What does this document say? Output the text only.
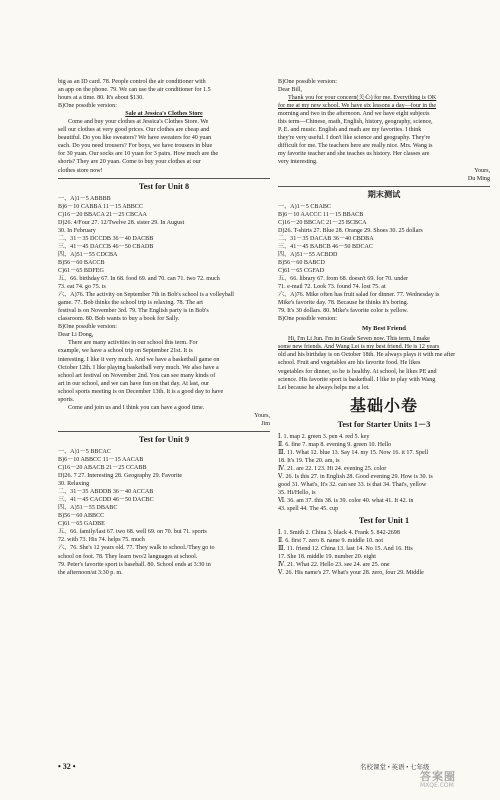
big as an ID card. 78. People control the air conditioner with
an app on the phone. 79. We can use the air conditioner for 1.5
hours at a time. 80. It's about $130.
B)One possible version:
Sale at Jessica's Clothes Store
Come and buy your clothes at Jessica's Clothes Store. We
sell our clothes at very good prices. Our clothes are cheap and
beautiful. Do you like sweaters? We have sweaters for 40 yuan
each. Do you need trousers? For boys, we have trousers in blue
for 30 yuan. Our socks are 10 yuan for 3 pairs. How much are the
shorts? They are 20 yuan. Come to buy your clothes at our
clothes store now!
Test for Unit 8
一、A)1－5 ABBBB
B)6－10 CABBA 11－15 ABBCC
C)16－20 BBACA 21－25 CBCAA
D)26. 4/Four 27. 12/Twelve 28. sister 29. In August
30. In February
二、31－35 DCCDB 36－40 DACBB
三、41－45 DACCB 46－50 CBADB
四、A)51－55 CDCBA
B)56－60 BACCB
C)61－65 BDFEG
五、66. birthday 67. In 68. food 69. and 70. can 71. two 72. much
73. eat 74. go 75. is
六、A)76. The activity on September 7th in Bob's school is a volleyball
game. 77. Bob thinks the school trip is relaxing. 78. The art
festival is on November 3rd. 79. The English party is in Bob's
classroom. 80. Bob wants to buy a book for Sally.
B)One possible version:
Dear Li Dong,
There are many activities in our school this term. For
example, we have a school trip on September 21st. It is
interesting. I like it very much. And we have a basketball game on
October 12th. I like playing basketball very much. We also have a
school art festival on November 2nd. You can see many kinds of
art in our school, and we can have fun on that day. At last, our
school sports meeting is on December 13th. It is a good day to have
sports.
Come and join us and I think you can have a good time.
Yours,
Jim
Test for Unit 9
一、A)1－5 BBCAC
B)6－10 ABBCC 11－15 AACAB
C)16－20 ABACB 21－25 CCABB
D)26. 7 27. Interesting 28. Geography 29. Favorite
30. Relaxing
二、31－35 ABDDB 36－40 ACCAB
三、41－45 CACDD 46－50 DACBC
四、A)51－55 DBABC
B)56－60 ABBCC
C)61－65 GADBE
五、66. family/last 67. two 68. well 69. on 70. but 71. sports
72. with 73. His 74. helps 75. much
六、76. She's 12 years old. 77. They walk to school./They go to
school on foot. 78. They learn two/2 languages at school.
79. Peter's favorite sport is baseball. 80. School ends at 3:30 in
the afternoon/at 3:30 p. m.
B)One possible version:
Dear Bill,
Thank you for your concern(关心) for me. Everything is OK
for me at my new school. We have six lessons a day—four in the
morning and two in the afternoon. And we have eight subjects
this term—Chinese, math, English, history, geography, science,
P. E. and music. English and math are my favorites. I think
they're very useful. I don't like science and geography. They're
difficult for me. The teachers here are really nice. Mrs. Wang is
my favorite teacher and she teaches us history. Her classes are
very interesting.
Yours,
Du Ming
期末测试
一、A)1－5 CBABC
B)6－10 AACCC 11－15 BBACB
C)16－20 BBCAC 21－25 BCBCA
D)26. T-shirts 27. Blue 28. Orange 29. Shoes 30. 25 dollars
二、31－35 DACAB 36－40 CBDBA
三、41－45 BABCB 46－50 BDCAC
四、A)51－55 ACBDD
B)56－60 BABCD
C)61－65 CGFAD
五、66. library 67. from 68. doesn't 69. for 70. under
71. e-mail 72. Look 73. found 74. lost 75. at
六、A)76. Mike often has fruit salad for dinner. 77. Wednesday is
Mike's favorite day. 78. Because he thinks it's boring.
79. It's 30 dollars. 80. Mike's favorite color is yellow.
B)One possible version:
My Best Friend
Hi, I'm Li Jun. I'm in Grade Seven now. This term, I make
some new friends. And Wang Lei is my best friend. He is 12 years
old and his birthday is on October 18th. He always plays it with me after
school. Fruit and vegetables are his favorite food. He likes
vegetables for dinner, so he is healthy. At school, he likes PE and
science. His favorite sport is basketball. I like to play with Wang
Lei because he always helps me a lot.
基础小卷
Test for Starter Units 1－3
Ⅰ. 1. map 2. green 3. pen 4. red 5. key
Ⅱ. 6. fine 7. map 8. evening 9. green 10. Hello
Ⅲ. 11. What 12. blue 13. Say 14. my 15. Now 16. it 17. Spell
18. It's 19. The 20. am, is
Ⅳ. 21. are 22. I 23. Hi 24. evening 25. color
Ⅴ. 26. Is this 27. in English 28. Good evening 29. How is 30. is
good 31. What's, It's 32. can see 33. is that 34. That's, yellow
35. Hi/Hello, is
Ⅵ. 36. am 37. this 38. is 39. color 40. what 41. It 42. in
43. spell 44. The 45. cup
Test for Unit 1
Ⅰ. 1. Smith 2. China 3. black 4. Frank 5. 842-2698
Ⅱ. 6. first 7. zero 8. name 9. middle 10. not
Ⅲ. 11. friend 12. China 13. last 14. No 15. And 16. His
17. She 18. middle 19. number 20. eight
Ⅳ. 21. What 22. Hello 23. see 24. are 25. one
Ⅴ. 26. His name's 27. What's your 28. zero, four 29. Middle
• 32 •	名校课堂 • 英语 • 七年级
答案圈
MXQE.COM
